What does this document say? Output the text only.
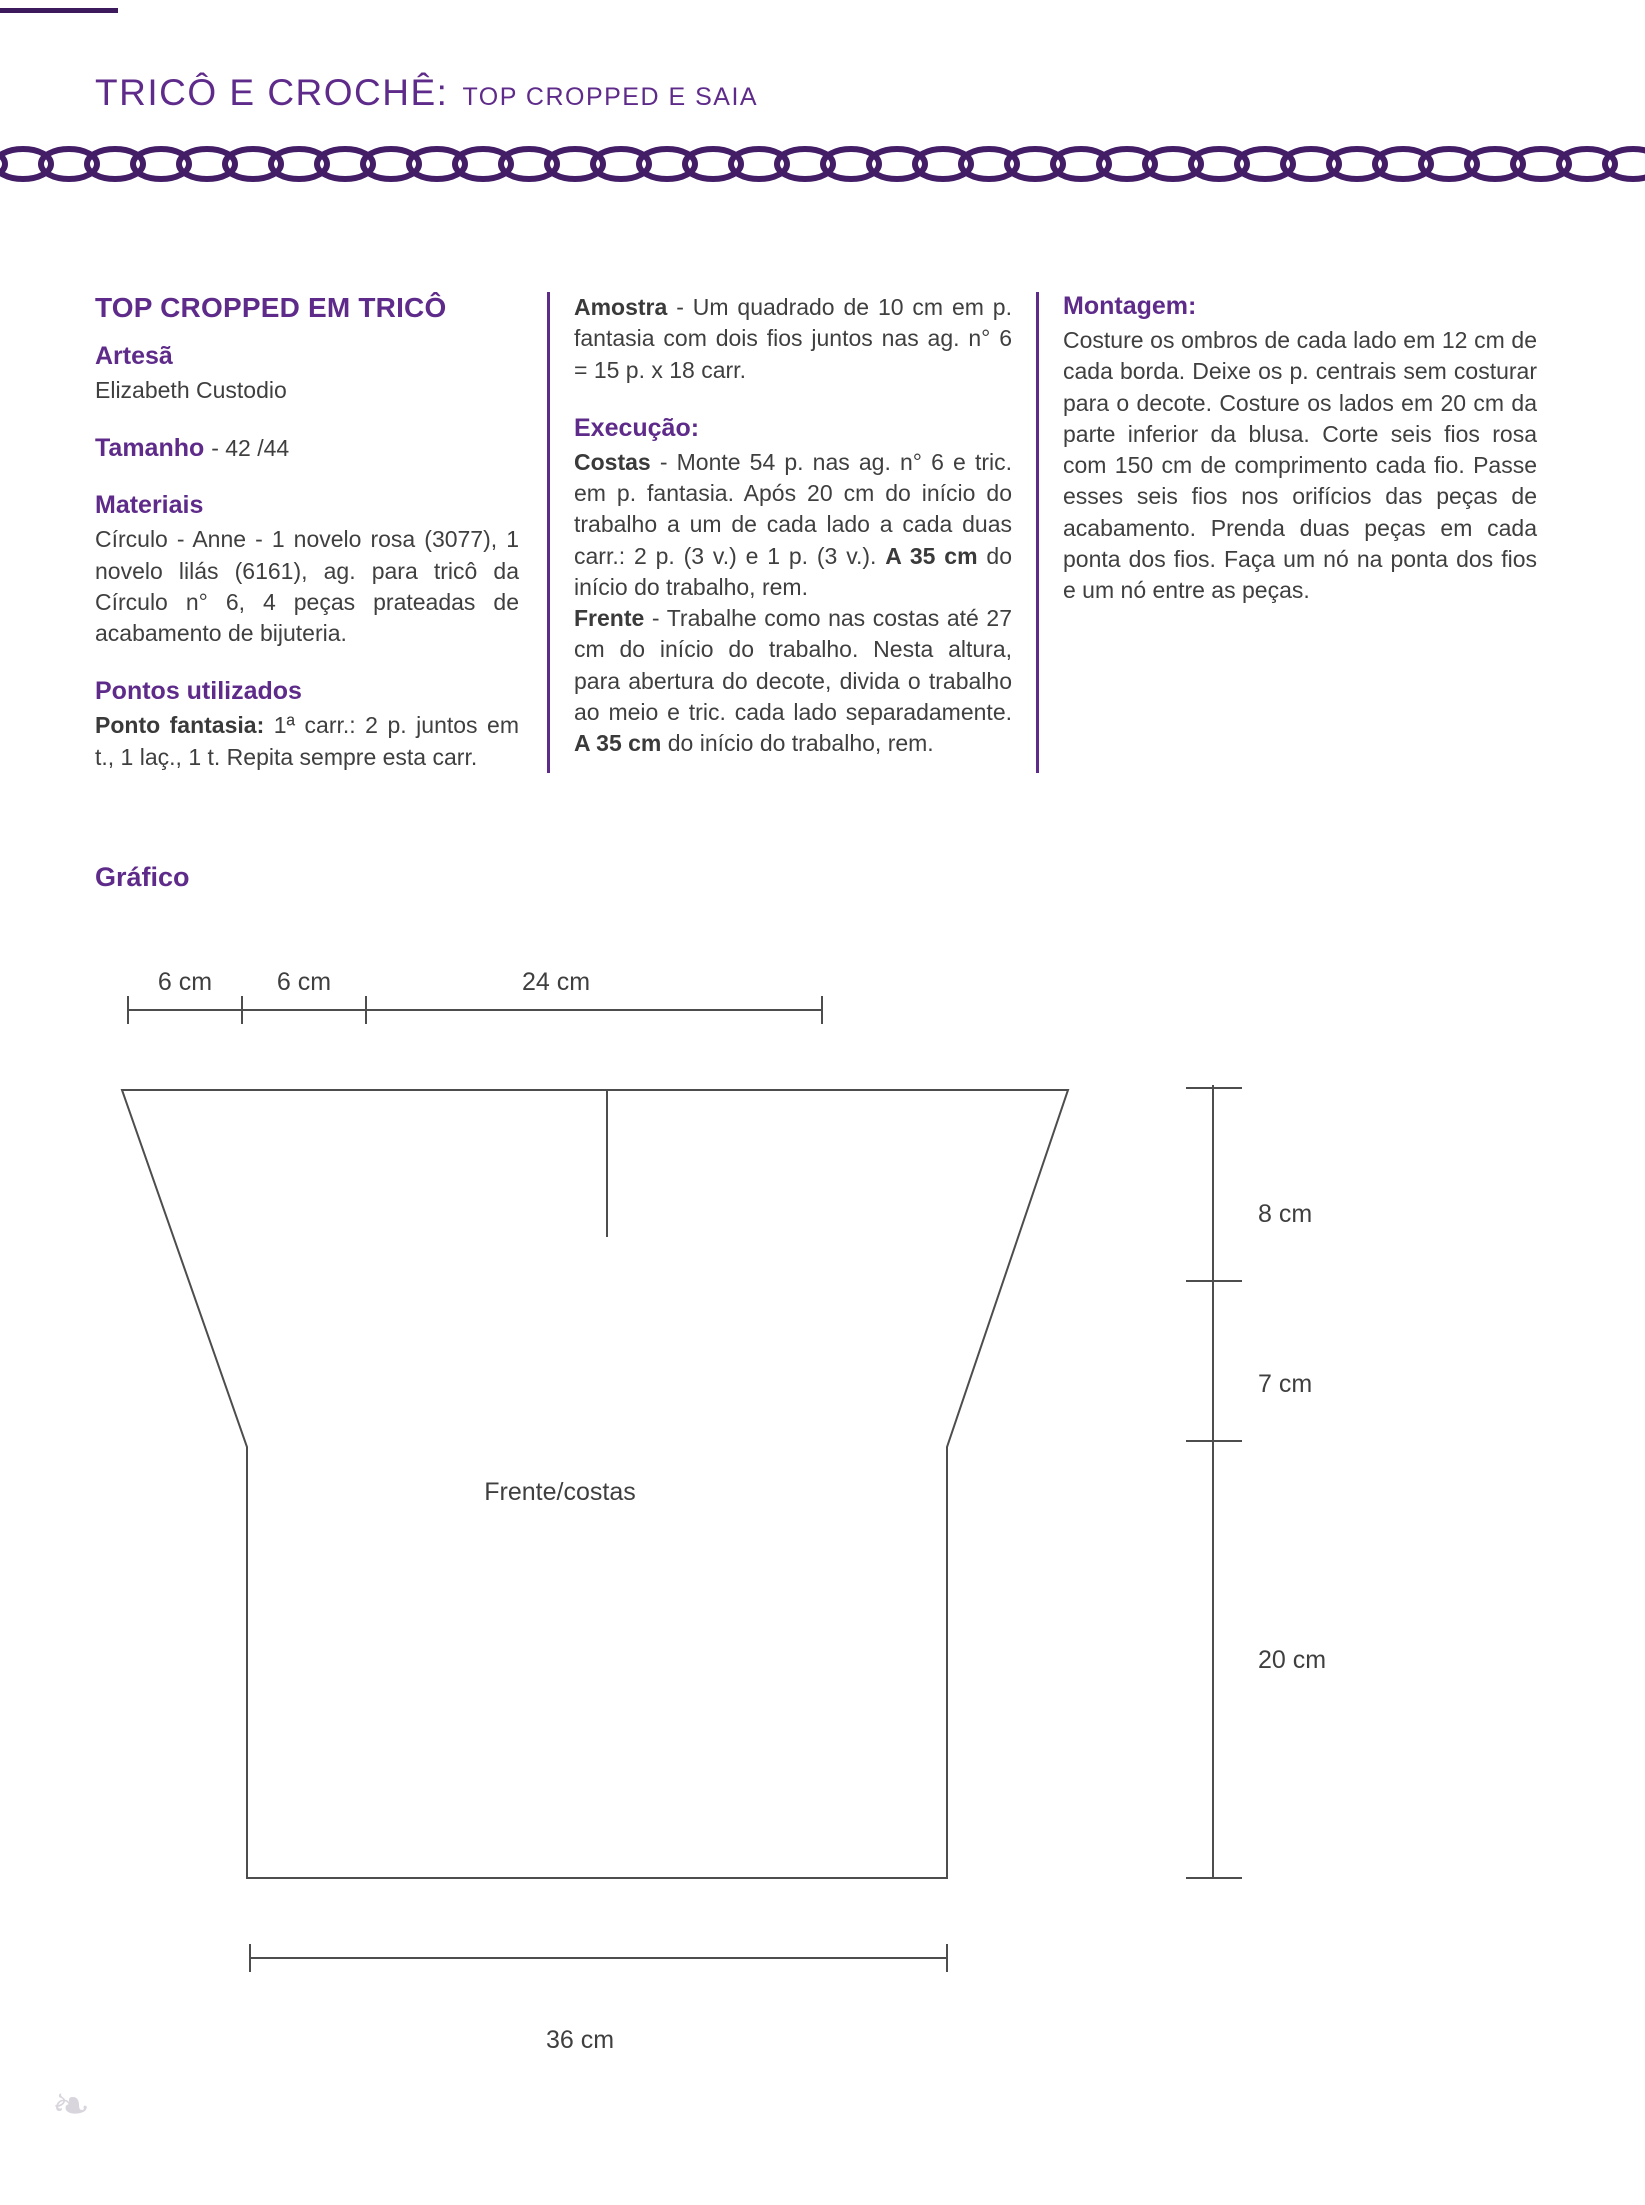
TRICÔ E CROCHÊ: TOP CROPPED E SAIA
TOP CROPPED EM TRICÔ
Artesã

Elizabeth Custodio

Tamanho - 42 /44
Materiais

Círculo - Anne - 1 novelo rosa (3077), 1 novelo lilás (6161), ag. para tricô da Círculo n° 6, 4 peças prateadas de acabamento de bijuteria.

Pontos utilizados

Ponto fantasia: 1ª carr.: 2 p. juntos em t., 1 laç., 1 t. Repita sempre esta carr.

Amostra - Um quadrado de 10 cm em p. fantasia com dois fios juntos nas ag. n° 6 = 15 p. x 18 carr.

Execução:

Costas - Monte 54 p. nas ag. n° 6 e tric. em p. fantasia. Após 20 cm do início do trabalho a um de cada lado a cada duas carr.: 2 p. (3 v.) e 1 p. (3 v.). A 35 cm do início do trabalho, rem.

Frente - Trabalhe como nas costas até 27 cm do início do trabalho. Nesta altura, para abertura do decote, divida o trabalho ao meio e tric. cada lado separadamente. A 35 cm do início do trabalho, rem.

Montagem:

Costure os ombros de cada lado em 12 cm de cada borda. Deixe os p. centrais sem costurar para o decote. Costure os lados em 20 cm da parte inferior da blusa. Corte seis fios rosa com 150 cm de comprimento cada fio. Passe esses seis fios nos orifícios das peças de acabamento. Prenda duas peças em cada ponta dos fios. Faça um nó na ponta dos fios e um nó entre as peças.

Gráfico
6 cm	6 cm	24 cm
Frente/costas
8 cm
7 cm
20 cm
36 cm
❧
